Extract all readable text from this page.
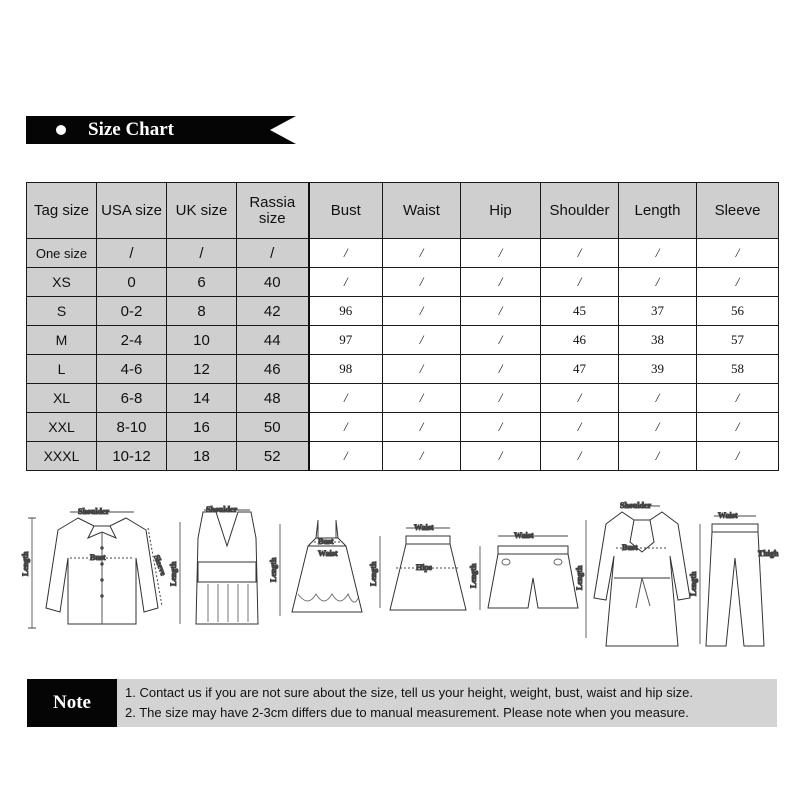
Size Chart
Tag size	USA size	UK size	Rassia size	Bust	Waist	Hip	Shoulder	Length	Sleeve
One size	/	/	/	/	/	/	/	/	/
XS	0	6	40	/	/	/	/	/	/
S	0-2	8	42	96	/	/	45	37	56
M	2-4	10	44	97	/	/	46	38	57
L	4-6	12	46	98	/	/	47	39	58
XL	6-8	14	48	/	/	/	/	/	/
XXL	8-10	16	50	/	/	/	/	/	/
XXXL	10-12	18	52	/	/	/	/	/	/
Shoulder
Bust	Sleeve
Length
Shoulder
Length
Bust
Waist
Length
Waist
Hips
Length
Waist
Length
Shoulder
Bust
Length
Waist
Thigh
Length
Note	1. Contact us if you are not sure about the size, tell us your height, weight, bust, waist and hip size.
2. The size may have 2-3cm differs due to manual measurement. Please note when you measure.
